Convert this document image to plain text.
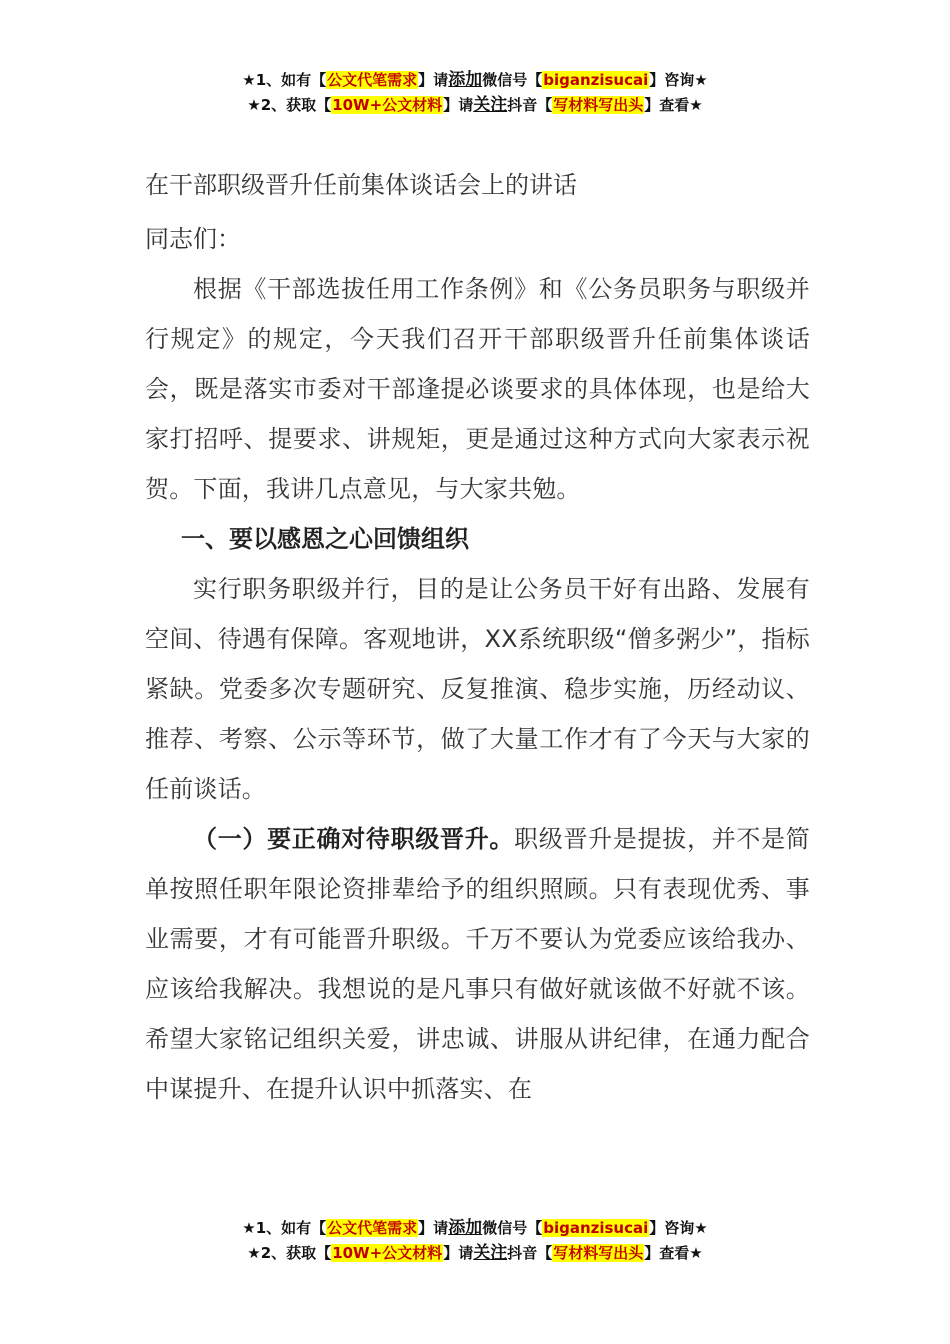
★1、如有【公文代笔需求】请添加微信号【biganzisucai】咨询★
★2、获取【10W+公文材料】请关注抖音【写材料写出头】查看★

在干部职级晋升任前集体谈话会上的讲话

同志们：

根据《干部选拔任用工作条例》和《公务员职务与职级并行规定》的规定，今天我们召开干部职级晋升任前集体谈话会，既是落实市委对干部逢提必谈要求的具体体现，也是给大家打招呼、提要求、讲规矩，更是通过这种方式向大家表示祝贺。下面，我讲几点意见，与大家共勉。

一、要以感恩之心回馈组织

实行职务职级并行，目的是让公务员干好有出路、发展有空间、待遇有保障。客观地讲，XX系统职级“僧多粥少”，指标紧缺。党委多次专题研究、反复推演、稳步实施，历经动议、推荐、考察、公示等环节，做了大量工作才有了今天与大家的任前谈话。

（一）要正确对待职级晋升。职级晋升是提拔，并不是简单按照任职年限论资排辈给予的组织照顾。只有表现优秀、事业需要，才有可能晋升职级。千万不要认为党委应该给我办、应该给我解决。我想说的是凡事只有做好就该做不好就不该。希望大家铭记组织关爱，讲忠诚、讲服从讲纪律，在通力配合中谋提升、在提升认识中抓落实、在

★1、如有【公文代笔需求】请添加微信号【biganzisucai】咨询★
★2、获取【10W+公文材料】请关注抖音【写材料写出头】查看★
